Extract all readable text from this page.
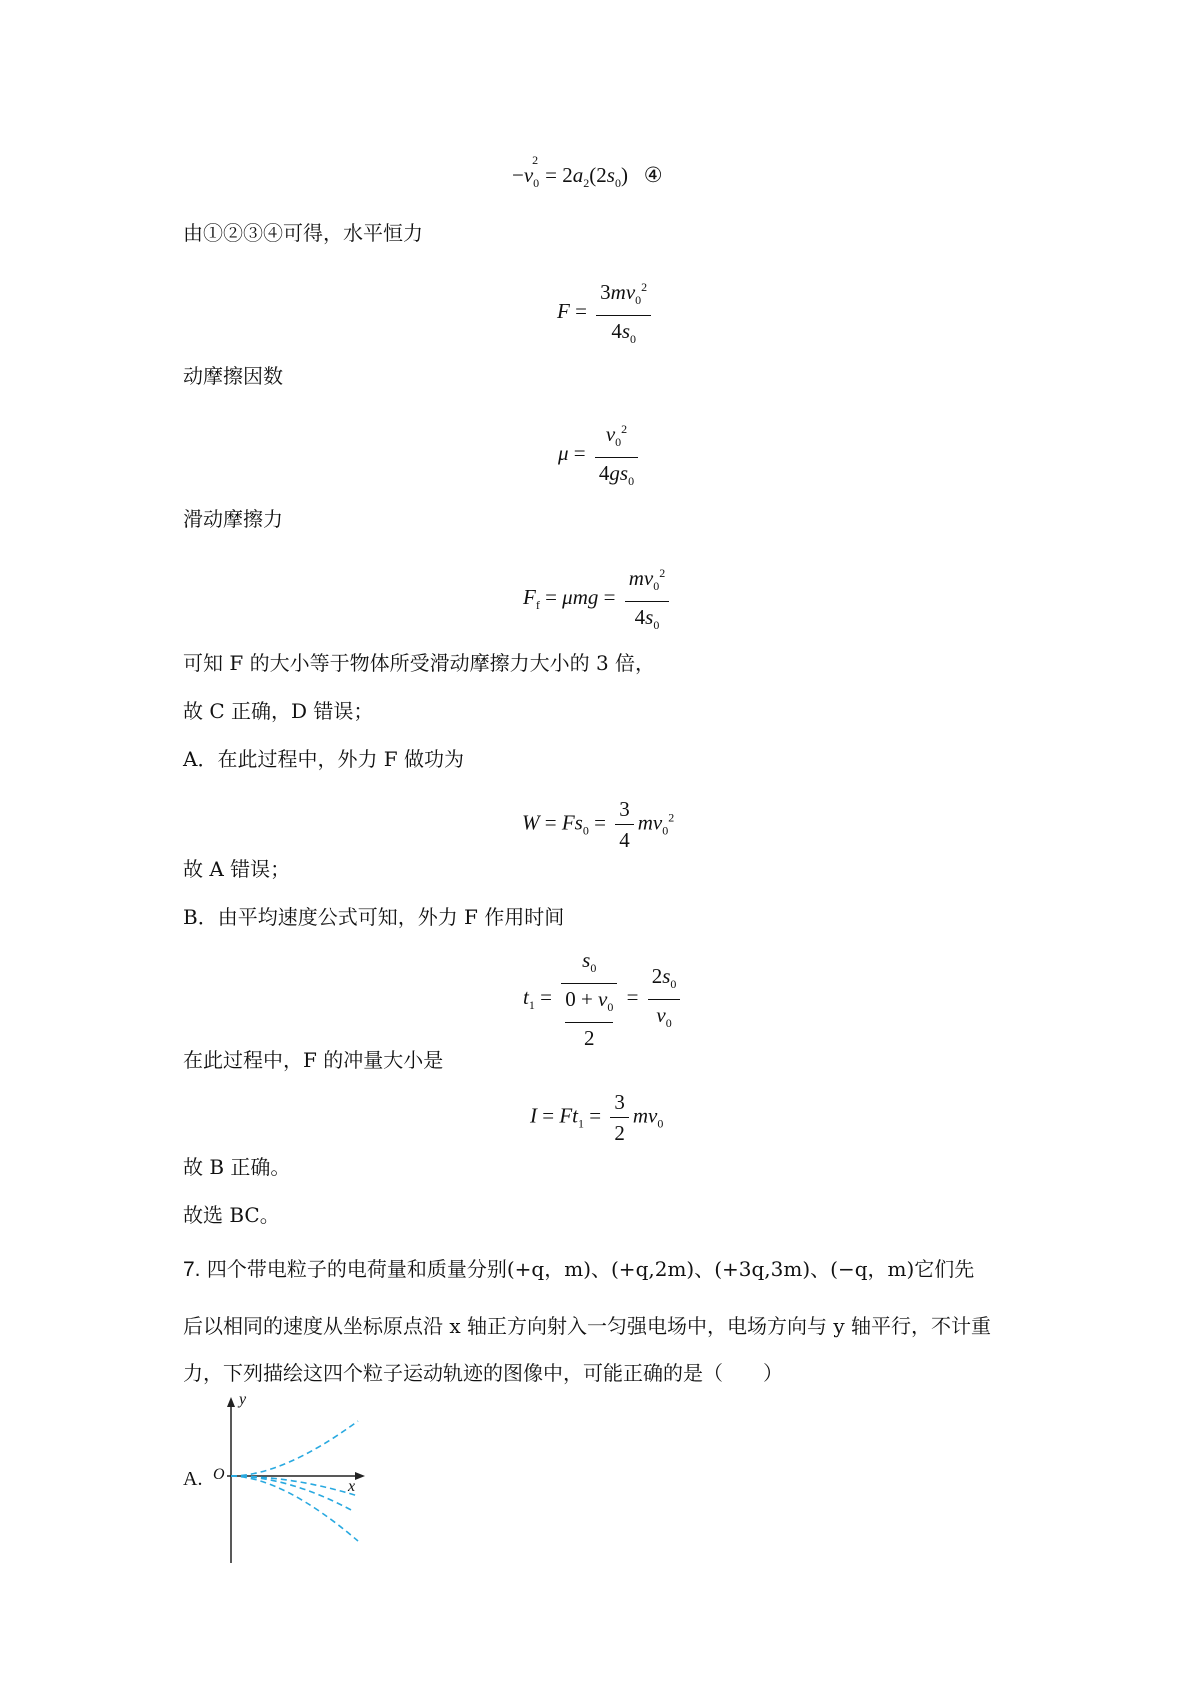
$-v_0^2= 2a_2(2s_0)$   ④
由①②③④可得，水平恒力
$F = \frac{3mv_0^2}{4s_0}$
动摩擦因数
$\mu = \frac{v_0^2}{4gs_0}$
滑动摩擦力
$F_f = \mu mg = \frac{mv_0^2}{4s_0}$
可知 F 的大小等于物体所受滑动摩擦力大小的 3 倍，
故 C 正确，D 错误；
A．在此过程中，外力 F 做功为
$W = Fs_0 = \frac{3}{4} mv_0^2$
故 A 错误；
B．由平均速度公式可知，外力 F 作用时间
$t_1$ =
$s_0$
$0 + v_0$
2
= $\frac{2s_0}{v_0}$
在此过程中，F 的冲量大小是
$I = Ft_1 = \frac{3}{2} mv_0$
故 B 正确。
故选 BC。
7. 四个带电粒子的电荷量和质量分别(+q，m)、(+q,2m)、(+3q,3m)、(−q，m)它们先
后以相同的速度从坐标原点沿 x 轴正方向射入一匀强电场中，电场方向与 y 轴平行，不计重
力，下列描绘这四个粒子运动轨迹的图像中，可能正确的是（　　）
A. O
x
y
